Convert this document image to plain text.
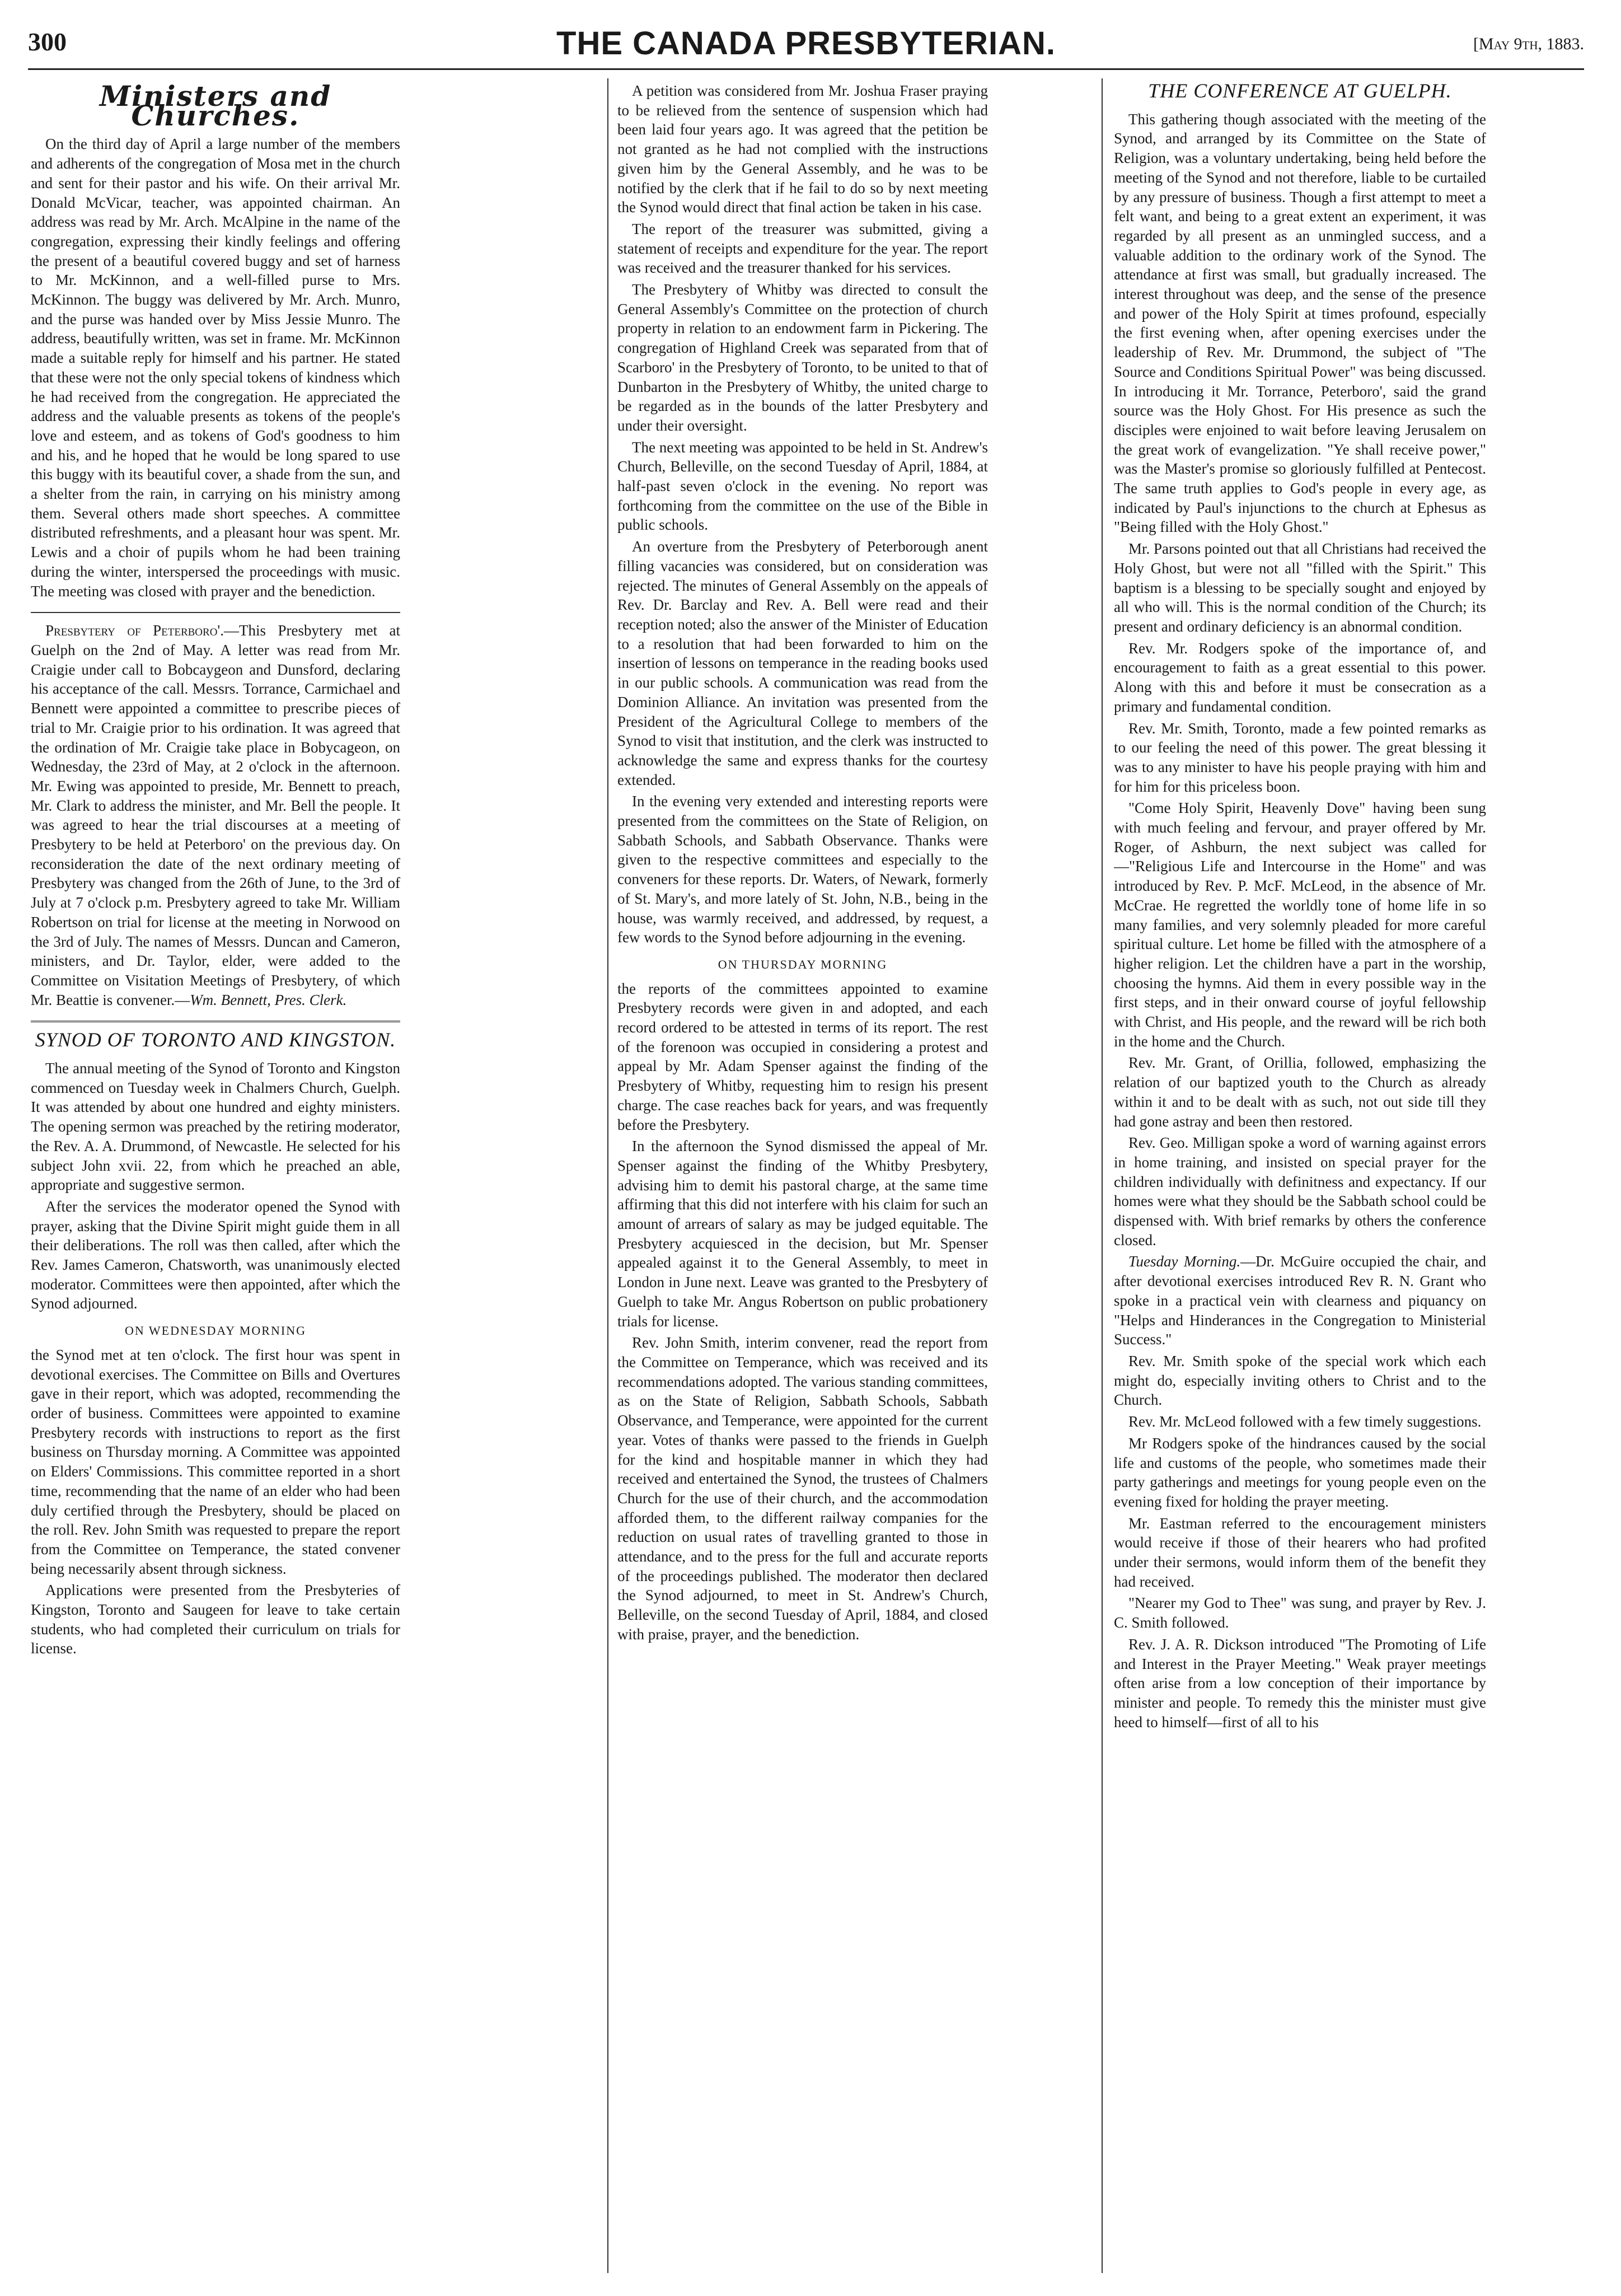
300	THE CANADA PRESBYTERIAN.	[May 9th, 1883.
Ministers and Churches.

On the third day of April a large number of the members and adherents of the congregation of Mosa met in the church and sent for their pastor and his wife. On their arrival Mr. Donald McVicar, teacher, was appointed chairman. An address was read by Mr. Arch. McAlpine in the name of the congregation, expressing their kindly feelings and offering the present of a beautiful covered buggy and set of harness to Mr. McKinnon, and a well-filled purse to Mrs. McKinnon. The buggy was delivered by Mr. Arch. Munro, and the purse was handed over by Miss Jessie Munro. The address, beautifully written, was set in frame. Mr. McKinnon made a suitable reply for himself and his partner. He stated that these were not the only special tokens of kindness which he had received from the congregation. He appreciated the address and the valuable presents as tokens of the people's love and esteem, and as tokens of God's goodness to him and his, and he hoped that he would be long spared to use this buggy with its beautiful cover, a shade from the sun, and a shelter from the rain, in carrying on his ministry among them. Several others made short speeches. A committee distributed refreshments, and a pleasant hour was spent. Mr. Lewis and a choir of pupils whom he had been training during the winter, interspersed the proceedings with music. The meeting was closed with prayer and the benediction.

Presbytery of Peterboro'.—This Presbytery met at Guelph on the 2nd of May. A letter was read from Mr. Craigie under call to Bobcaygeon and Dunsford, declaring his acceptance of the call. Messrs. Torrance, Carmichael and Bennett were appointed a committee to prescribe pieces of trial to Mr. Craigie prior to his ordination. It was agreed that the ordination of Mr. Craigie take place in Bobycageon, on Wednesday, the 23rd of May, at 2 o'clock in the afternoon. Mr. Ewing was appointed to preside, Mr. Bennett to preach, Mr. Clark to address the minister, and Mr. Bell the people. It was agreed to hear the trial discourses at a meeting of Presbytery to be held at Peterboro' on the previous day. On reconsideration the date of the next ordinary meeting of Presbytery was changed from the 26th of June, to the 3rd of July at 7 o'clock p.m. Presbytery agreed to take Mr. William Robertson on trial for license at the meeting in Norwood on the 3rd of July. The names of Messrs. Duncan and Cameron, ministers, and Dr. Taylor, elder, were added to the Committee on Visitation Meetings of Presbytery, of which Mr. Beattie is convener.—Wm. Bennett, Pres. Clerk.

SYNOD OF TORONTO AND KINGSTON.

The annual meeting of the Synod of Toronto and Kingston commenced on Tuesday week in Chalmers Church, Guelph. It was attended by about one hundred and eighty ministers. The opening sermon was preached by the retiring moderator, the Rev. A. A. Drummond, of Newcastle. He selected for his subject John xvii. 22, from which he preached an able, appropriate and suggestive sermon.

After the services the moderator opened the Synod with prayer, asking that the Divine Spirit might guide them in all their deliberations. The roll was then called, after which the Rev. James Cameron, Chatsworth, was unanimously elected moderator. Committees were then appointed, after which the Synod adjourned.

ON WEDNESDAY MORNING

the Synod met at ten o'clock. The first hour was spent in devotional exercises. The Committee on Bills and Overtures gave in their report, which was adopted, recommending the order of business. Committees were appointed to examine Presbytery records with instructions to report as the first business on Thursday morning. A Committee was appointed on Elders' Commissions. This committee reported in a short time, recommending that the name of an elder who had been duly certified through the Presbytery, should be placed on the roll. Rev. John Smith was requested to prepare the report from the Committee on Temperance, the stated convener being necessarily absent through sickness.

Applications were presented from the Presbyteries of Kingston, Toronto and Saugeen for leave to take certain students, who had completed their curriculum on trials for license.

A petition was considered from Mr. Joshua Fraser praying to be relieved from the sentence of suspension which had been laid four years ago. It was agreed that the petition be not granted as he had not complied with the instructions given him by the General Assembly, and he was to be notified by the clerk that if he fail to do so by next meeting the Synod would direct that final action be taken in his case.

The report of the treasurer was submitted, giving a statement of receipts and expenditure for the year. The report was received and the treasurer thanked for his services.

The Presbytery of Whitby was directed to consult the General Assembly's Committee on the protection of church property in relation to an endowment farm in Pickering. The congregation of Highland Creek was separated from that of Scarboro' in the Presbytery of Toronto, to be united to that of Dunbarton in the Presbytery of Whitby, the united charge to be regarded as in the bounds of the latter Presbytery and under their oversight.

The next meeting was appointed to be held in St. Andrew's Church, Belleville, on the second Tuesday of April, 1884, at half-past seven o'clock in the evening. No report was forthcoming from the committee on the use of the Bible in public schools.

An overture from the Presbytery of Peterborough anent filling vacancies was considered, but on consideration was rejected. The minutes of General Assembly on the appeals of Rev. Dr. Barclay and Rev. A. Bell were read and their reception noted; also the answer of the Minister of Education to a resolution that had been forwarded to him on the insertion of lessons on temperance in the reading books used in our public schools. A communication was read from the Dominion Alliance. An invitation was presented from the President of the Agricultural College to members of the Synod to visit that institution, and the clerk was instructed to acknowledge the same and express thanks for the courtesy extended.

In the evening very extended and interesting reports were presented from the committees on the State of Religion, on Sabbath Schools, and Sabbath Observance. Thanks were given to the respective committees and especially to the conveners for these reports. Dr. Waters, of Newark, formerly of St. Mary's, and more lately of St. John, N.B., being in the house, was warmly received, and addressed, by request, a few words to the Synod before adjourning in the evening.

ON THURSDAY MORNING

the reports of the committees appointed to examine Presbytery records were given in and adopted, and each record ordered to be attested in terms of its report. The rest of the forenoon was occupied in considering a protest and appeal by Mr. Adam Spenser against the finding of the Presbytery of Whitby, requesting him to resign his present charge. The case reaches back for years, and was frequently before the Presbytery.

In the afternoon the Synod dismissed the appeal of Mr. Spenser against the finding of the Whitby Presbytery, advising him to demit his pastoral charge, at the same time affirming that this did not interfere with his claim for such an amount of arrears of salary as may be judged equitable. The Presbytery acquiesced in the decision, but Mr. Spenser appealed against it to the General Assembly, to meet in London in June next. Leave was granted to the Presbytery of Guelph to take Mr. Angus Robertson on public probationery trials for license.

Rev. John Smith, interim convener, read the report from the Committee on Temperance, which was received and its recommendations adopted. The various standing committees, as on the State of Religion, Sabbath Schools, Sabbath Observance, and Temperance, were appointed for the current year. Votes of thanks were passed to the friends in Guelph for the kind and hospitable manner in which they had received and entertained the Synod, the trustees of Chalmers Church for the use of their church, and the accommodation afforded them, to the different railway companies for the reduction on usual rates of travelling granted to those in attendance, and to the press for the full and accurate reports of the proceedings published. The moderator then declared the Synod adjourned, to meet in St. Andrew's Church, Belleville, on the second Tuesday of April, 1884, and closed with praise, prayer, and the benediction.

THE CONFERENCE AT GUELPH.

This gathering though associated with the meeting of the Synod, and arranged by its Committee on the State of Religion, was a voluntary undertaking, being held before the meeting of the Synod and not therefore, liable to be curtailed by any pressure of business. Though a first attempt to meet a felt want, and being to a great extent an experiment, it was regarded by all present as an unmingled success, and a valuable addition to the ordinary work of the Synod. The attendance at first was small, but gradually increased. The interest throughout was deep, and the sense of the presence and power of the Holy Spirit at times profound, especially the first evening when, after opening exercises under the leadership of Rev. Mr. Drummond, the subject of "The Source and Conditions Spiritual Power" was being discussed. In introducing it Mr. Torrance, Peterboro', said the grand source was the Holy Ghost. For His presence as such the disciples were enjoined to wait before leaving Jerusalem on the great work of evangelization. "Ye shall receive power," was the Master's promise so gloriously fulfilled at Pentecost. The same truth applies to God's people in every age, as indicated by Paul's injunctions to the church at Ephesus as "Being filled with the Holy Ghost."

Mr. Parsons pointed out that all Christians had received the Holy Ghost, but were not all "filled with the Spirit." This baptism is a blessing to be specially sought and enjoyed by all who will. This is the normal condition of the Church; its present and ordinary deficiency is an abnormal condition.

Rev. Mr. Rodgers spoke of the importance of, and encouragement to faith as a great essential to this power. Along with this and before it must be consecration as a primary and fundamental condition.

Rev. Mr. Smith, Toronto, made a few pointed remarks as to our feeling the need of this power. The great blessing it was to any minister to have his people praying with him and for him for this priceless boon.

"Come Holy Spirit, Heavenly Dove" having been sung with much feeling and fervour, and prayer offered by Mr. Roger, of Ashburn, the next subject was called for—"Religious Life and Intercourse in the Home" and was introduced by Rev. P. McF. McLeod, in the absence of Mr. McCrae. He regretted the worldly tone of home life in so many families, and very solemnly pleaded for more careful spiritual culture. Let home be filled with the atmosphere of a higher religion. Let the children have a part in the worship, choosing the hymns. Aid them in every possible way in the first steps, and in their onward course of joyful fellowship with Christ, and His people, and the reward will be rich both in the home and the Church.

Rev. Mr. Grant, of Orillia, followed, emphasizing the relation of our baptized youth to the Church as already within it and to be dealt with as such, not out side till they had gone astray and been then restored.

Rev. Geo. Milligan spoke a word of warning against errors in home training, and insisted on special prayer for the children individually with definitness and expectancy. If our homes were what they should be the Sabbath school could be dispensed with. With brief remarks by others the conference closed.

Tuesday Morning.—Dr. McGuire occupied the chair, and after devotional exercises introduced Rev R. N. Grant who spoke in a practical vein with clearness and piquancy on "Helps and Hinderances in the Congregation to Ministerial Success."

Rev. Mr. Smith spoke of the special work which each might do, especially inviting others to Christ and to the Church.

Rev. Mr. McLeod followed with a few timely suggestions.

Mr Rodgers spoke of the hindrances caused by the social life and customs of the people, who sometimes made their party gatherings and meetings for young people even on the evening fixed for holding the prayer meeting.

Mr. Eastman referred to the encouragement ministers would receive if those of their hearers who had profited under their sermons, would inform them of the benefit they had received.

"Nearer my God to Thee" was sung, and prayer by Rev. J. C. Smith followed.

Rev. J. A. R. Dickson introduced "The Promoting of Life and Interest in the Prayer Meeting." Weak prayer meetings often arise from a low conception of their importance by minister and people. To remedy this the minister must give heed to himself—first of all to his
